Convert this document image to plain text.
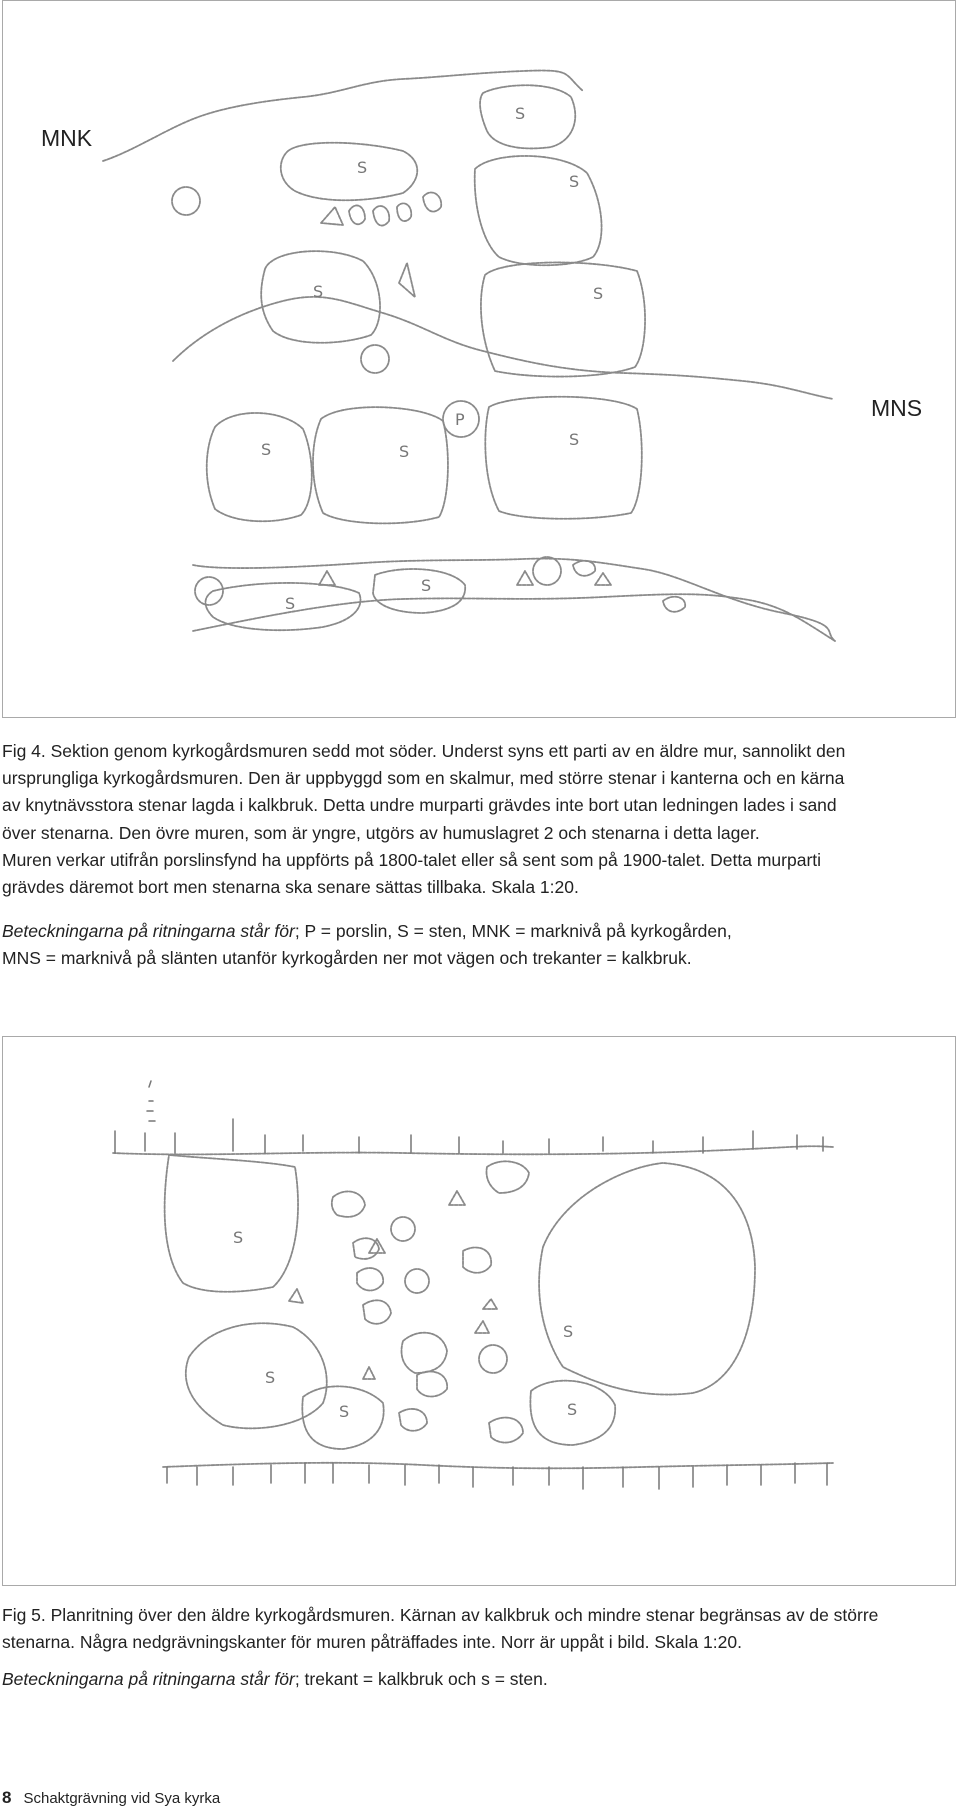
S
S
S
S	S
S	S
S
S
S
P
MNK
MNS
Fig 4. Sektion genom kyrkogårdsmuren sedd mot söder. Underst syns ett parti av en äldre mur, sannolikt den
ursprungliga kyrkogårdsmuren. Den är uppbyggd som en skalmur, med större stenar i kanterna och en kärna
av knytnävsstora stenar lagda i kalkbruk. Detta undre murparti grävdes inte bort utan ledningen lades i sand
över stenarna. Den övre muren, som är yngre, utgörs av humuslagret 2 och stenarna i detta lager.
Muren verkar utifrån porslinsfynd ha uppförts på 1800-talet eller så sent som på 1900-talet. Detta murparti
grävdes däremot bort men stenarna ska senare sättas tillbaka. Skala 1:20.
Beteckningarna på ritningarna står för; P = porslin, S = sten, MNK = marknivå på kyrkogården,
MNS = marknivå på slänten utanför kyrkogården ner mot vägen och trekanter = kalkbruk.
S
S
S
S	S
Fig 5. Planritning över den äldre kyrkogårdsmuren. Kärnan av kalkbruk och mindre stenar begränsas av de större
stenarna. Några nedgrävningskanter för muren påträffades inte. Norr är uppåt i bild. Skala 1:20.
Beteckningarna på ritningarna står för; trekant = kalkbruk och s = sten.
8 Schaktgrävning vid Sya kyrka
